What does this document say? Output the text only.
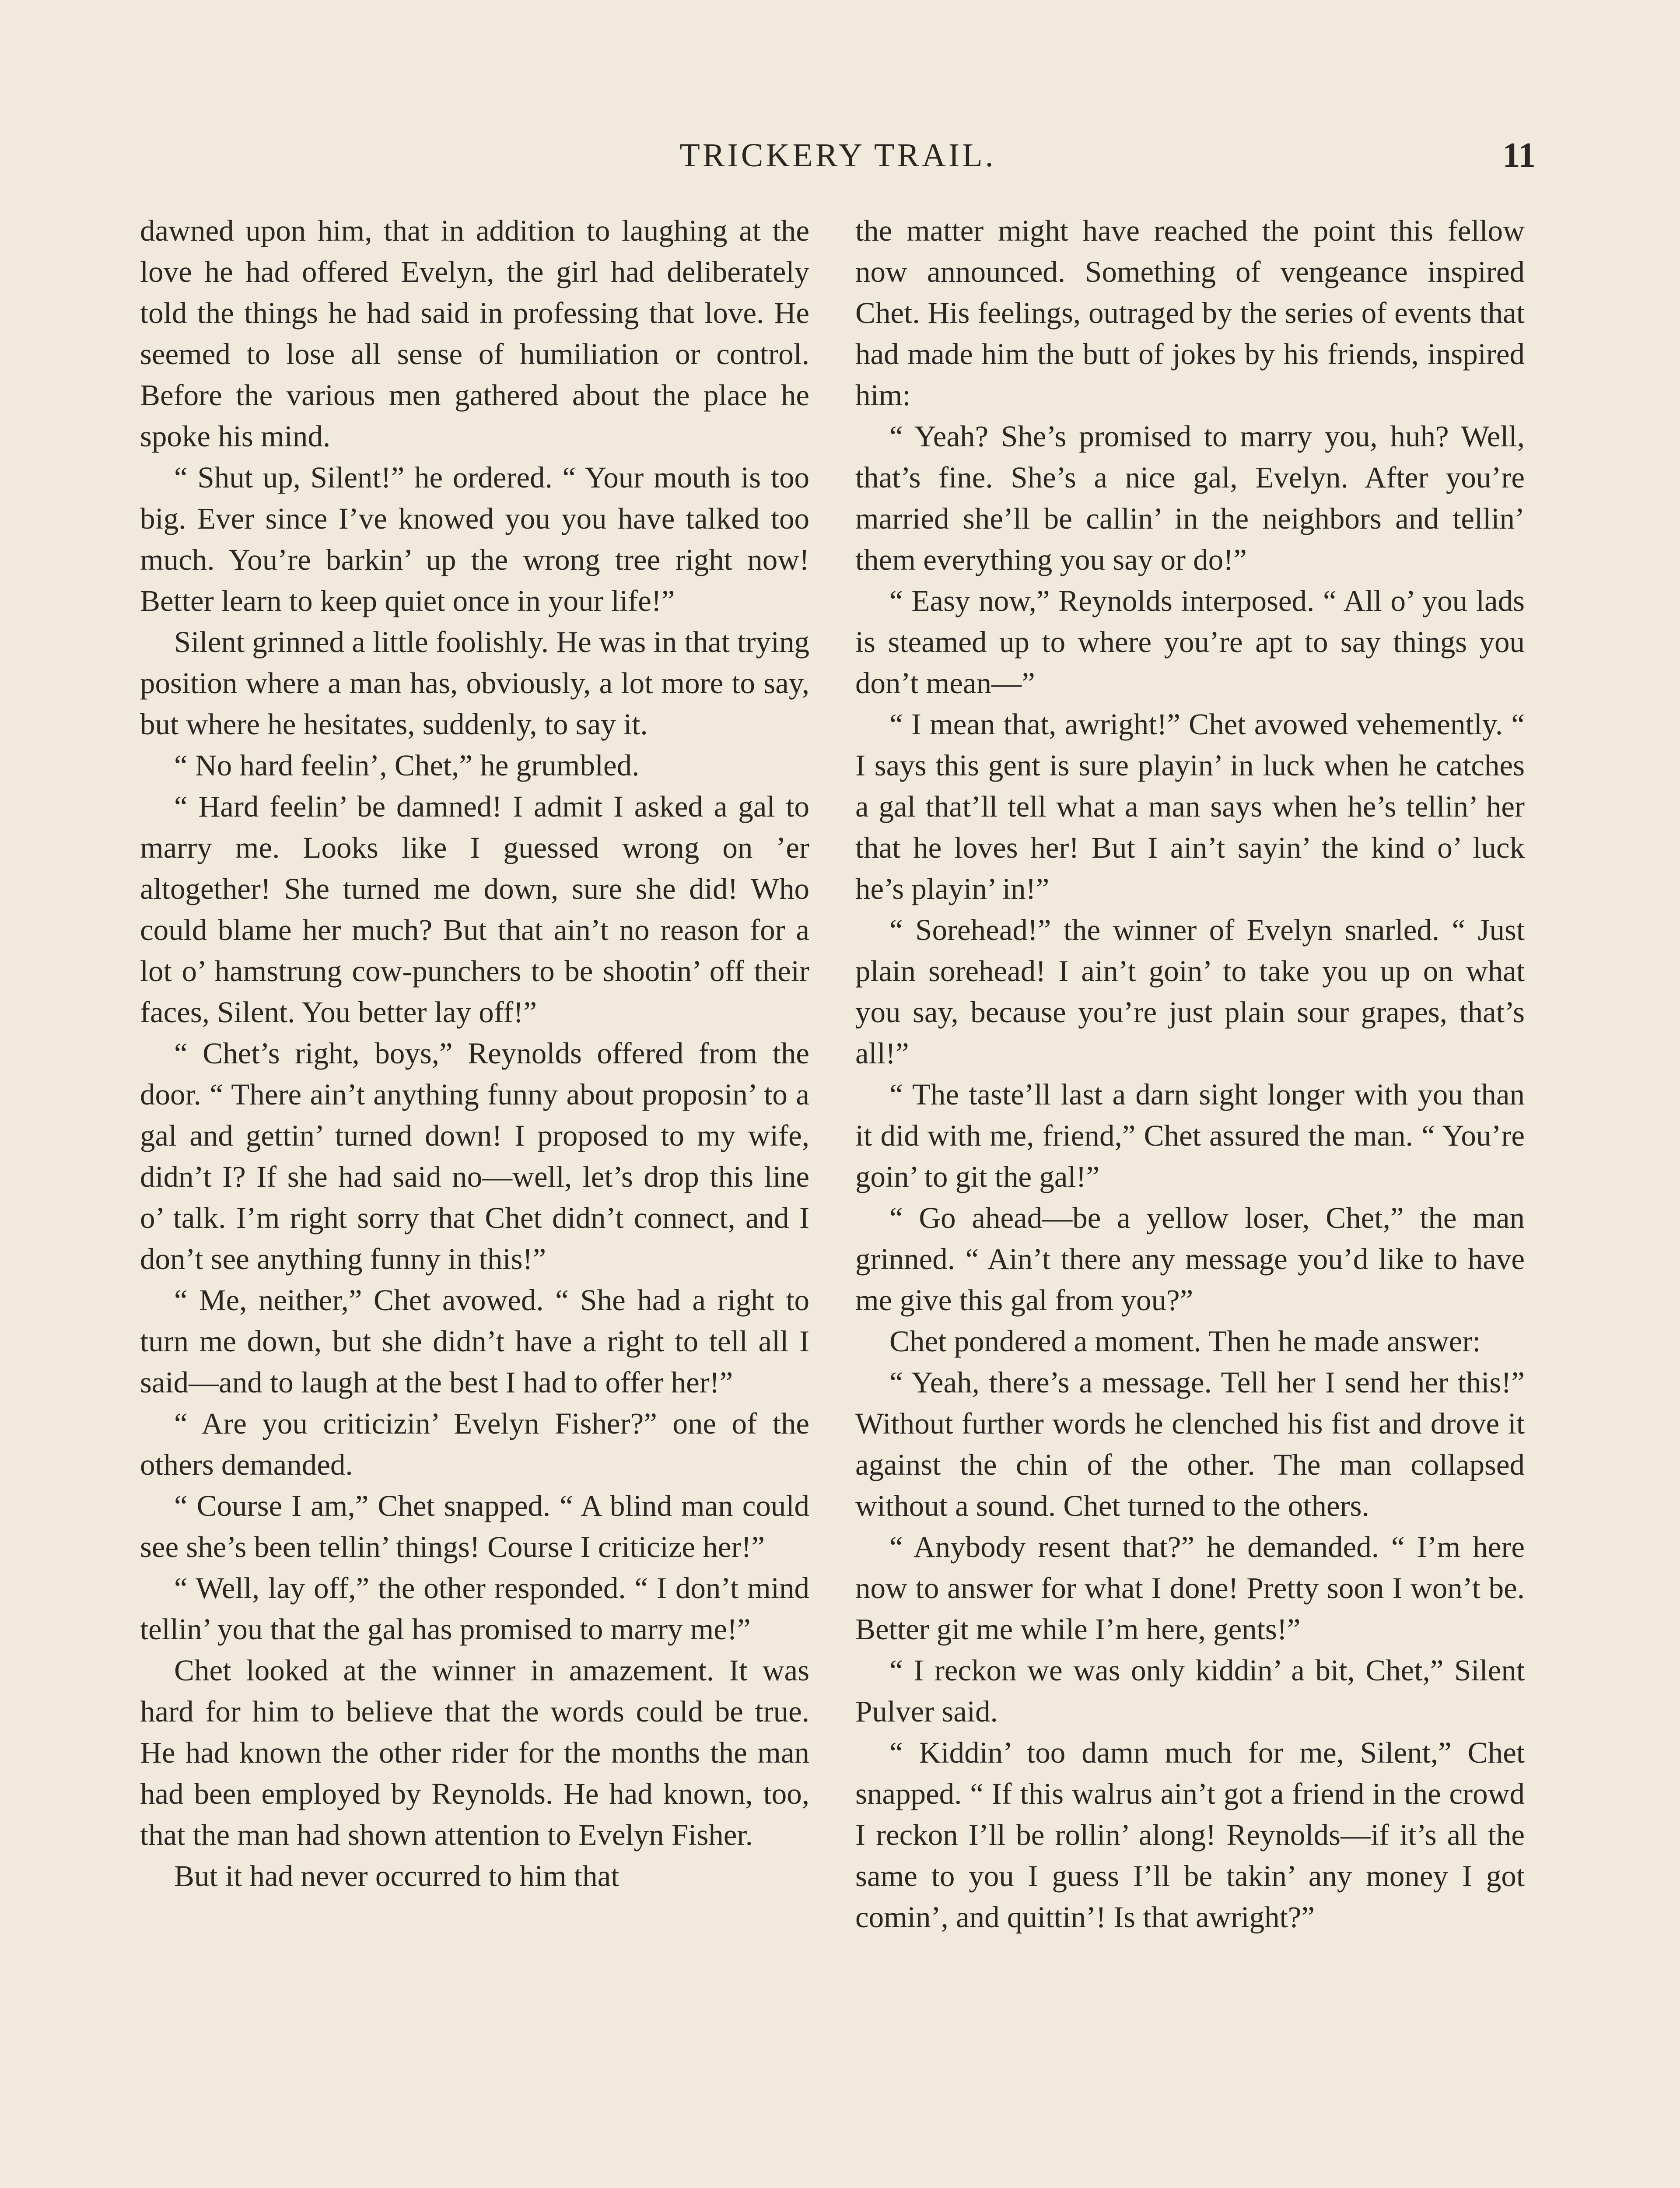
TRICKERY TRAIL.	11

dawned upon him, that in addition to laughing at the love he had offered Evelyn, the girl had deliberately told the things he had said in professing that love. He seemed to lose all sense of humiliation or control. Before the various men gathered about the place he spoke his mind.

“ Shut up, Silent!” he ordered. “ Your mouth is too big. Ever since I’ve knowed you you have talked too much. You’re barkin’ up the wrong tree right now! Better learn to keep quiet once in your life!”

Silent grinned a little foolishly. He was in that trying position where a man has, obviously, a lot more to say, but where he hesitates, suddenly, to say it.

“ No hard feelin’, Chet,” he grumbled.

“ Hard feelin’ be damned! I admit I asked a gal to marry me. Looks like I guessed wrong on ’er altogether! She turned me down, sure she did! Who could blame her much? But that ain’t no reason for a lot o’ hamstrung cow-punchers to be shootin’ off their faces, Silent. You better lay off!”

“ Chet’s right, boys,” Reynolds offered from the door. “ There ain’t anything funny about proposin’ to a gal and gettin’ turned down! I proposed to my wife, didn’t I? If she had said no—well, let’s drop this line o’ talk. I’m right sorry that Chet didn’t connect, and I don’t see anything funny in this!”

“ Me, neither,” Chet avowed. “ She had a right to turn me down, but she didn’t have a right to tell all I said—and to laugh at the best I had to offer her!”

“ Are you criticizin’ Evelyn Fisher?” one of the others demanded.

“ Course I am,” Chet snapped. “ A blind man could see she’s been tellin’ things! Course I criticize her!”

“ Well, lay off,” the other responded. “ I don’t mind tellin’ you that the gal has promised to marry me!”

Chet looked at the winner in amazement. It was hard for him to believe that the words could be true. He had known the other rider for the months the man had been employed by Reynolds. He had known, too, that the man had shown attention to Evelyn Fisher.

But it had never occurred to him that

the matter might have reached the point this fellow now announced. Something of vengeance inspired Chet. His feelings, outraged by the series of events that had made him the butt of jokes by his friends, inspired him:

“ Yeah? She’s promised to marry you, huh? Well, that’s fine. She’s a nice gal, Evelyn. After you’re married she’ll be callin’ in the neighbors and tellin’ them everything you say or do!”

“ Easy now,” Reynolds interposed. “ All o’ you lads is steamed up to where you’re apt to say things you don’t mean—”

“ I mean that, awright!” Chet avowed vehemently. “ I says this gent is sure playin’ in luck when he catches a gal that’ll tell what a man says when he’s tellin’ her that he loves her! But I ain’t sayin’ the kind o’ luck he’s playin’ in!”

“ Sorehead!” the winner of Evelyn snarled. “ Just plain sorehead! I ain’t goin’ to take you up on what you say, because you’re just plain sour grapes, that’s all!”

“ The taste’ll last a darn sight longer with you than it did with me, friend,” Chet assured the man. “ You’re goin’ to git the gal!”

“ Go ahead—be a yellow loser, Chet,” the man grinned. “ Ain’t there any message you’d like to have me give this gal from you?”

Chet pondered a moment. Then he made answer:

“ Yeah, there’s a message. Tell her I send her this!” Without further words he clenched his fist and drove it against the chin of the other. The man collapsed without a sound. Chet turned to the others.

“ Anybody resent that?” he demanded. “ I’m here now to answer for what I done! Pretty soon I won’t be. Better git me while I’m here, gents!”

“ I reckon we was only kiddin’ a bit, Chet,” Silent Pulver said.

“ Kiddin’ too damn much for me, Silent,” Chet snapped. “ If this walrus ain’t got a friend in the crowd I reckon I’ll be rollin’ along! Reynolds—if it’s all the same to you I guess I’ll be takin’ any money I got comin’, and quittin’! Is that awright?”
